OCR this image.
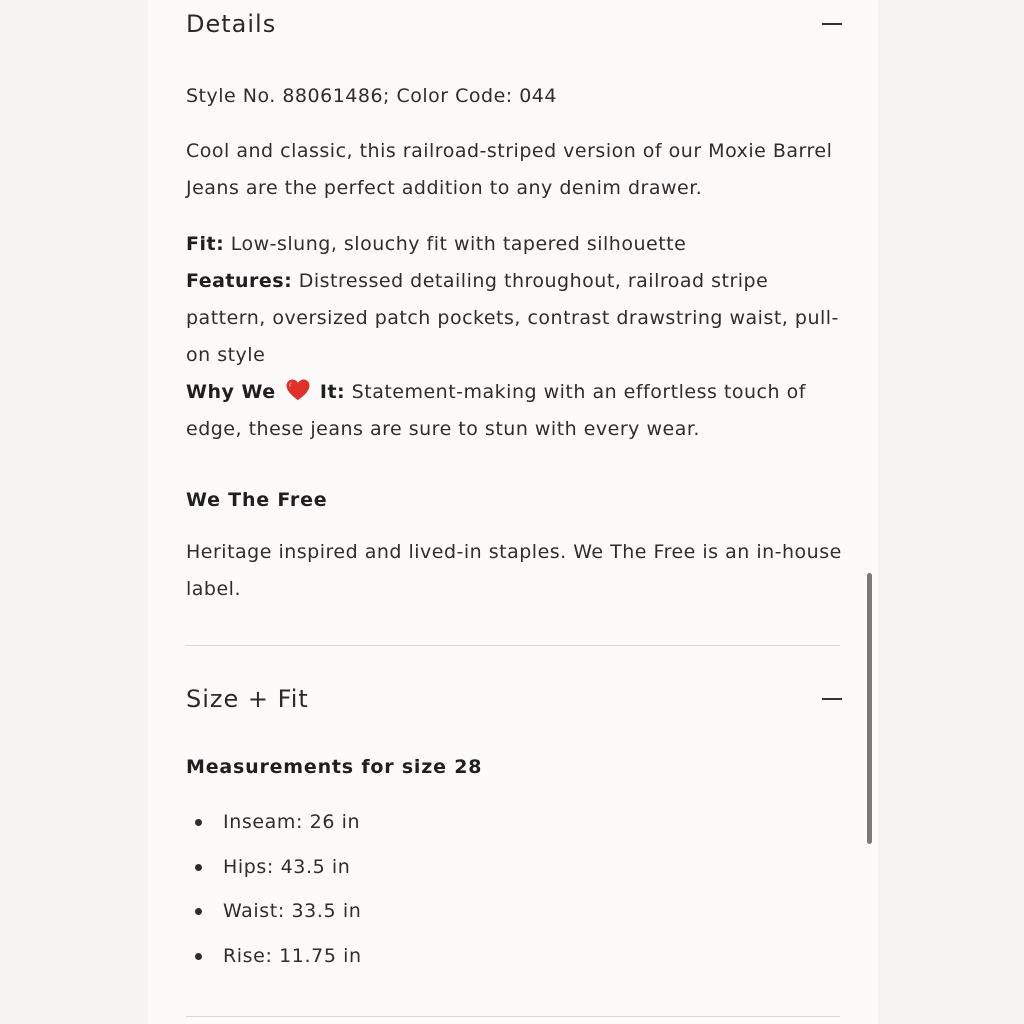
Details
Style No. 88061486; Color Code: 044
Cool and classic, this railroad-striped version of our Moxie Barrel Jeans are the perfect addition to any denim drawer.
Fit: Low-slung, slouchy fit with tapered silhouette
Features: Distressed detailing throughout, railroad stripe pattern, oversized patch pockets, contrast drawstring waist, pull-on style
Why We
It: Statement-making with an effortless touch of edge, these jeans are sure to stun with every wear.
We The Free
Heritage inspired and lived-in staples. We The Free is an in-house label.
Size + Fit
Measurements for size 28
Inseam: 26 in
Hips: 43.5 in
Waist: 33.5 in
Rise: 11.75 in
